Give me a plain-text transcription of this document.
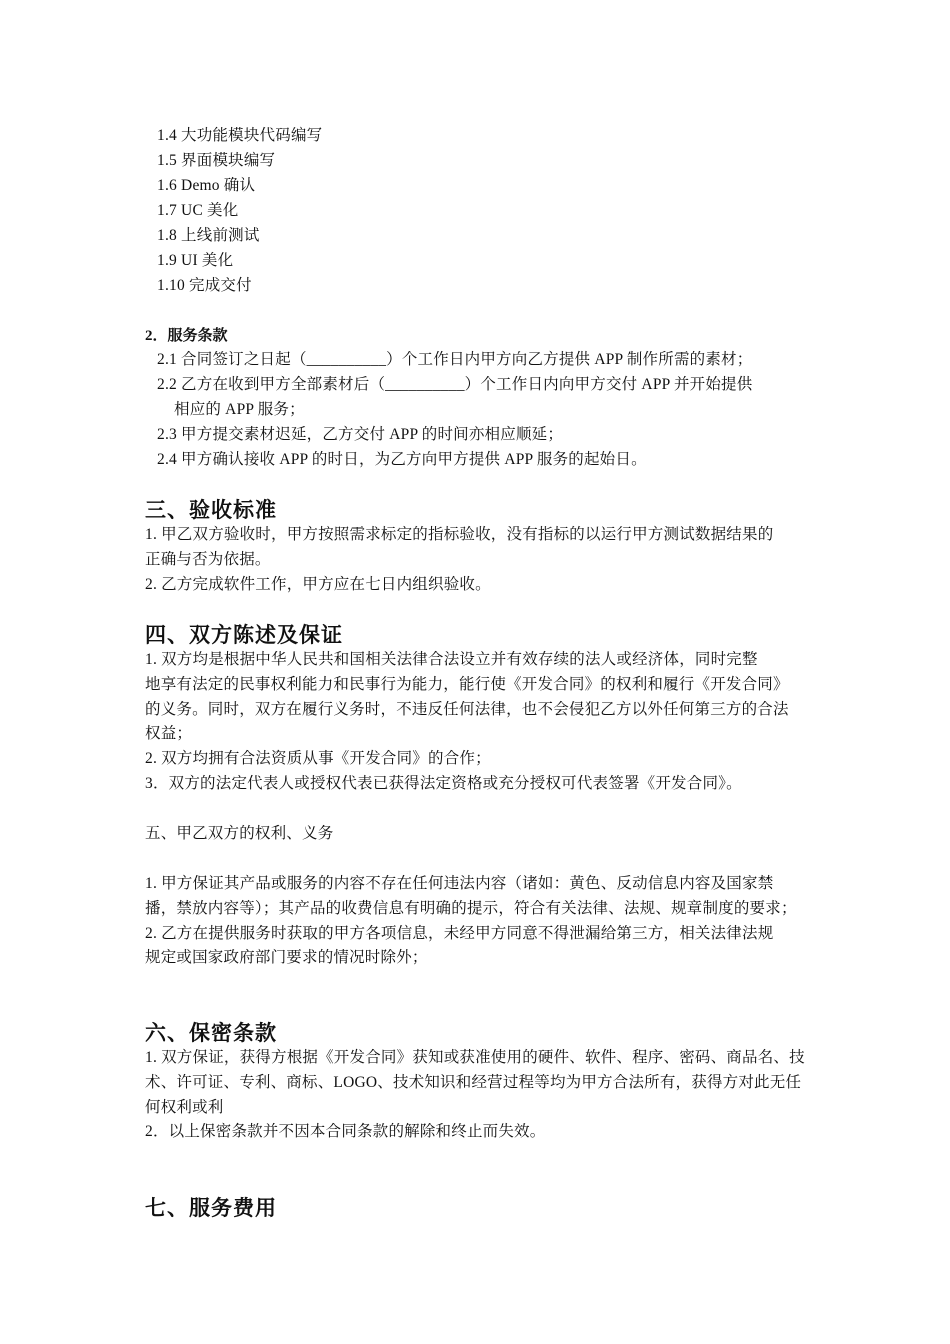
1.4 大功能模块代码编写
1.5 界面模块编写
1.6 Demo 确认
1.7 UC 美化
1.8 上线前测试
1.9 UI 美化
1.10 完成交付
2．服务条款
2.1 合同签订之日起（__________）个工作日内甲方向乙方提供 APP 制作所需的素材；
2.2 乙方在收到甲方全部素材后（__________）个工作日内向甲方交付 APP 并开始提供
相应的 APP 服务；
2.3 甲方提交素材迟延，乙方交付 APP 的时间亦相应顺延；
2.4 甲方确认接收 APP 的时日，为乙方向甲方提供 APP 服务的起始日。
三、验收标准
1. 甲乙双方验收时，甲方按照需求标定的指标验收，没有指标的以运行甲方测试数据结果的
正确与否为依据。
2. 乙方完成软件工作，甲方应在七日内组织验收。
四、双方陈述及保证
1. 双方均是根据中华人民共和国相关法律合法设立并有效存续的法人或经济体，同时完整
地享有法定的民事权利能力和民事行为能力，能行使《开发合同》的权利和履行《开发合同》
的义务。同时，双方在履行义务时，不违反任何法律，也不会侵犯乙方以外任何第三方的合法
权益；
2. 双方均拥有合法资质从事《开发合同》的合作；
3．双方的法定代表人或授权代表已获得法定资格或充分授权可代表签署《开发合同》。
五、甲乙双方的权利、义务
1. 甲方保证其产品或服务的内容不存在任何违法内容（诸如：黄色、反动信息内容及国家禁
播，禁放内容等）；其产品的收费信息有明确的提示，符合有关法律、法规、规章制度的要求；
2. 乙方在提供服务时获取的甲方各项信息，未经甲方同意不得泄漏给第三方，相关法律法规
规定或国家政府部门要求的情况时除外；
六、保密条款
1. 双方保证，获得方根据《开发合同》获知或获准使用的硬件、软件、程序、密码、商品名、技
术、许可证、专利、商标、LOGO、技术知识和经营过程等均为甲方合法所有，获得方对此无任
何权利或利
2．以上保密条款并不因本合同条款的解除和终止而失效。
七、服务费用
